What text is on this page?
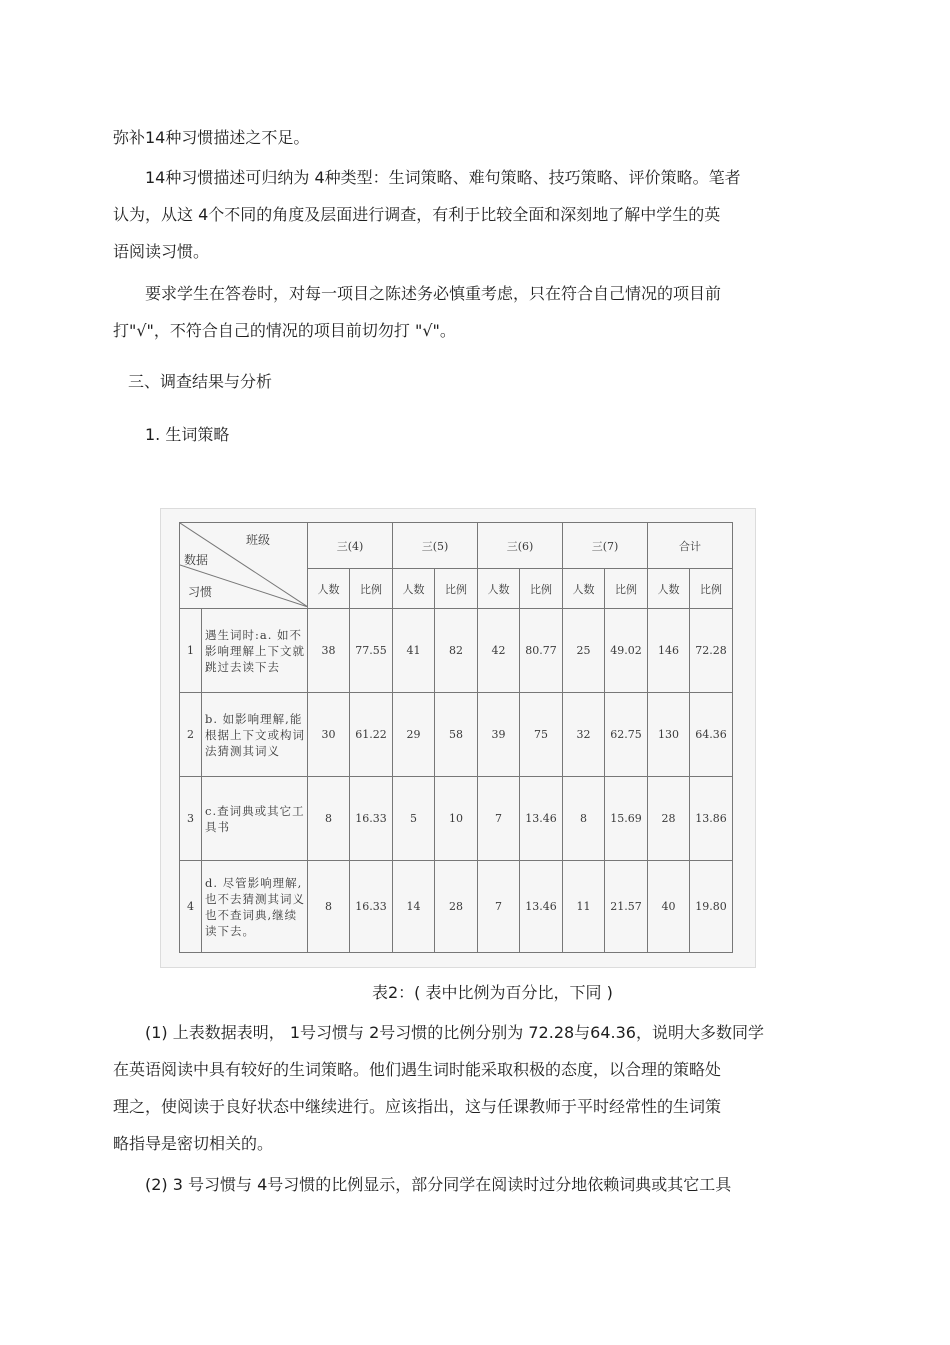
弥补14种习惯描述之不足。
14种习惯描述可归纳为 4种类型：生词策略、难句策略、技巧策略、评价策略。笔者
认为，从这 4个不同的角度及层面进行调查，有利于比较全面和深刻地了解中学生的英
语阅读习惯。
要求学生在答卷时，对每一项目之陈述务必慎重考虑，只在符合自己情况的项目前
打"√"，不符合自己的情况的项目前切勿打 "√"。
三、调查结果与分析
1. 生词策略
班级
数据
习惯		三(4)		三(5)		三(6)		三(7)		合计	
		人数	比例	人数	比例	人数	比例	人数	比例	人数	比例
1	遇生词时:a. 如不影响理解上下文就跳过去读下去	38	77.55	41	82	42	80.77	25	49.02	146	72.28
2	b. 如影响理解,能根据上下文或构词法猜测其词义	30	61.22	29	58	39	75	32	62.75	130	64.36
3	c.查词典或其它工具书	8	16.33	5	10	7	13.46	8	15.69	28	13.86
4	d. 尽管影响理解,也不去猜测其词义也不查词典,继续读下去。	8	16.33	14	28	7	13.46	11	21.57	40	19.80
表2：( 表中比例为百分比，下同 )
(1) 上表数据表明， 1号习惯与 2号习惯的比例分别为 72.28与64.36，说明大多数同学
在英语阅读中具有较好的生词策略。他们遇生词时能采取积极的态度，以合理的策略处
理之，使阅读于良好状态中继续进行。应该指出，这与任课教师于平时经常性的生词策
略指导是密切相关的。
(2) 3 号习惯与 4号习惯的比例显示，部分同学在阅读时过分地依赖词典或其它工具
